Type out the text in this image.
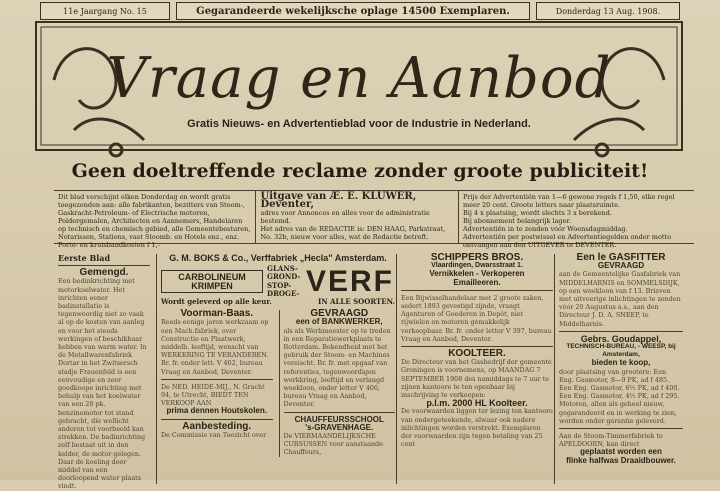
11e Jaargang No. 15	Gegarandeerde wekelijksche oplage 14500 Exemplaren.	Donderdag 13 Aug. 1908.
Vraag en Aanbod
Gratis Nieuws- en Advertentieblad voor de Industrie in Nederland.
Geen doeltreffende reclame zonder groote publiciteit!
Dit blad verschijnt elken Donderdag en wordt gratis toegezonden aan: alle fabrikanten, bezitters van Stoom-, Gaskracht-Petroleum- of Electrische motoren, Poldergemalen, Architecten en Aannemers, Handelaren op technisch en chemisch gebied, alle Gemeentebesturen, Notarissen, Stations, vast Stoomb. en Hotels enz., enz. Porto- en kruisbandkosten f 1,-

Uitgave van Æ. E. KLUWER, Deventer,

adres voor Annonces en alles voor de administratie bestemd.

Het adres van de REDACTIE is: DEN HAAG, Parkstraat, No. 32b, nieuw voor alles, wat de Redactie betreft.

Prijs der Advertentiën van 1—6 gewone regels f 1,50, elke regel meer 20 cent. Groote letters naar plaatsruimte.

Bij 4 x plaatsing, wordt slechts 3 x berekend.

Bij abonnement belangrijk lager.

Advertentiën in te zenden vóór Woensdagmiddag.

Advertentiën per postwissel en Advertentiegelden onder motto ontvangen aan den UITGEVER te DEVENTER.

Eerste Blad

Gemengd.

Een bedinkrichting met motorkoelwater. Het inrichten eener badinstallatie is tegenwoordig niet zo vaak al op de kosten van aanleg en voor het steeds werkingen of beschikbaar hebben van warm water. In de Metallwarenfabriek Dortar in het Zwitsersch stadje Frauenfeld is een eenvoudige en zeer goedkoope inrichting met behulp van het koelwater van een 20 pk. benzinemotor tot stand gebracht, die wellicht anderen tot voorbeeld kan strekken. De badinrichting zelf bestaat uit in den kelder, de motor gelegen. Daar de koeling door middel van een doorloopend water plaats vindt.

G. M. BOKS & Co., Verffabriek „Hecla" Amsterdam.

CARBOLINEUM KRIMPEN
GLANS-GROND-STOP-DROGE- VERF
Wordt geleverd op alle keur.	IN ALLE SOORTEN.

Voorman-Baas.

Reeds eenige jaren werkzaam op een Mach.fabriek, over Constructie en Plaatwerk, middelb. leeftijd, wenscht van WERKKRING TE VERANDEREN. Br. fr. onder lett. V 402, bureau Vraag en Aanbod, Deventer.

De NED. HEIDE-MIJ., N. Gracht 94, te Utrecht, BIEDT TEN VERKOOP AAN

prima dennen Houtskolen.

Aanbesteding.

De Commissie van Toezicht over

GEVRAAGD

een of BANKWERKER,

als als Werkmeester op te treden in een Reparatiewerkplaats te Rotterdam. Bekendheid met het gebruik der Stoom- en Machines vereischt. Br. fr. met opgaaf van referenties, tegenwoordigen werkkring, leeftijd en verlangd weekloon, onder letter V 406, bureau Vraag en Aanbod, Deventer.

CHAUFFEURSSCHOOL

's-GRAVENHAGE.

De VIERMAANDELIJKSCHE CURSUSSEN voor aanstaande Chauffeurs,

SCHIPPERS BROS.

Vlaardingen, Dwarsstraat 1.

Vernikkelen - Verkoperen

Emailleeren.

Een Bijwisselhandelaar met 2 groote zaken, sedert 1893 gevestigd zijnde, vraagt Agenturen of Goederen in Depôt, niet rijwielen en motoren gemakkelijk verkoopbaar. Br. fr. onder letter V 397, bureau Vraag en Aanbod, Deventer.

KOOLTEER.

De Directeur van het Gasbedrijf der gemeente Groningen is voornemens, op MAANDAG 7 SEPTEMBER 1908 des namiddags te 7 uur te zijnen kantoore te ten openbaar bij inschrijving te verkoopen:

p.l.m. 2000 HL Koolteer.

De voorwaarden liggen ter lezing ten kantoore van ondergeteekende, alwaar ook nadere inlichtingen worden verstrekt. Exemplaren der voorwaarden zijn tegen betaling van 25 cent

Een le GASFITTER

GEVRAAGD

aan de Gemeentelijke Gasfabriek van MIDDELHARNIS en SOMMELSDIJK, op een weekloon van f 13. Brieven met uitvoerige inlichtingen te zenden vóór 20 Augustus a.s., aan den Directeur J. D. A. SNEEP, te Middelharnis.

Gebrs. Goudappel,

TECHNISCH-BUREAU, - WEESP, bij Amsterdam,

bieden te koop,

door plaatsing van grootere: Een Eng. Gasmotor, 8—9 PK, ad f 485. Een Eng. Gasmotor, 6½ PK, ad f 400. Een Eng. Gasmotor, 4½ PK, ad f 295. Motoren, allen als geheel nieuw, gegarandeerd en in werking te zien, worden onder garantie geleverd.

Aan de Stoom-Timmerfabriek te APELDOORN, kan direct

geplaatst worden een

flinke halfwas Draaidbouwer.
